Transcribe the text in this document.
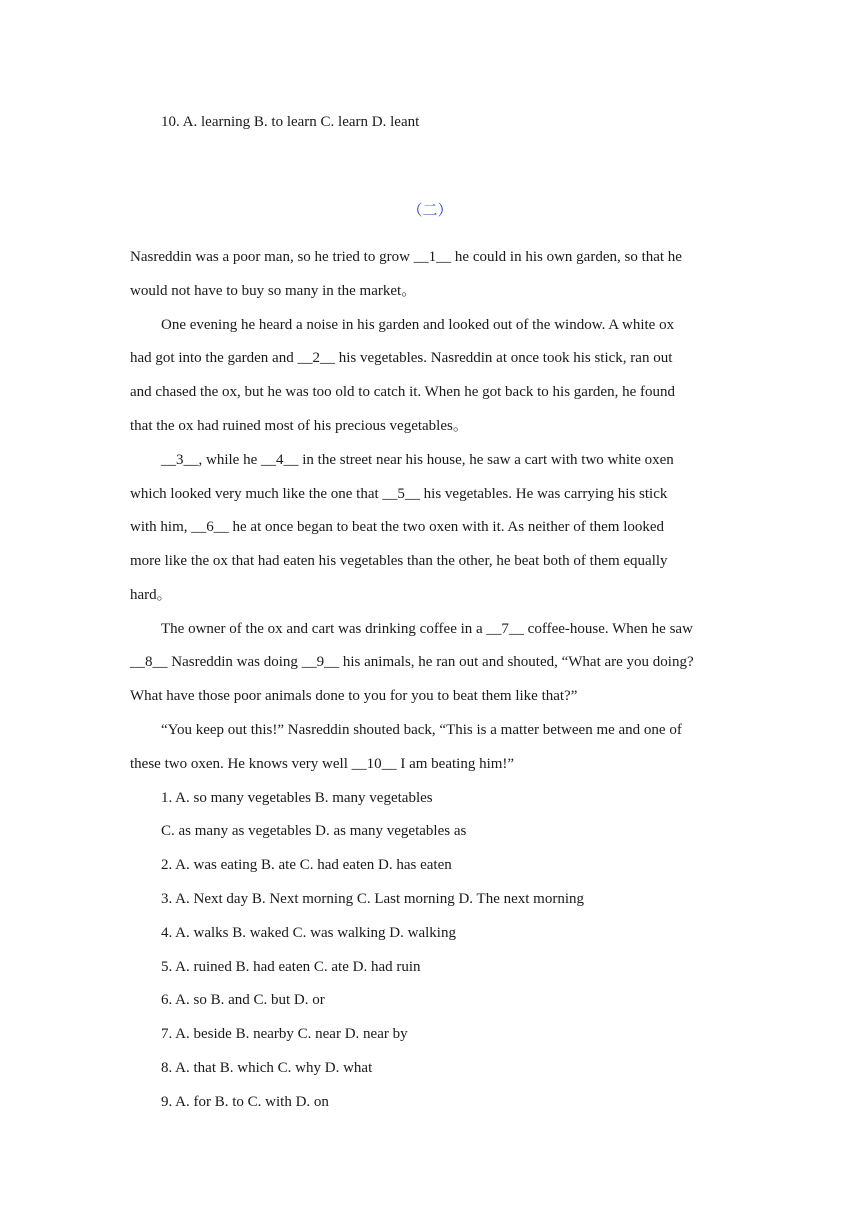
10. A. learning B. to learn C. learn D. leant
（二）
Nasreddin was a poor man, so he tried to grow __1__ he could in his own garden, so that he
would not have to buy so many in the market。
One evening he heard a noise in his garden and looked out of the window. A white ox
had got into the garden and __2__ his vegetables. Nasreddin at once took his stick, ran out
and chased the ox, but he was too old to catch it. When he got back to his garden, he found
that the ox had ruined most of his precious vegetables。
__3__, while he __4__ in the street near his house, he saw a cart with two white oxen
which looked very much like the one that __5__ his vegetables. He was carrying his stick
with him, __6__ he at once began to beat the two oxen with it. As neither of them looked
more like the ox that had eaten his vegetables than the other, he beat both of them equally
hard。
The owner of the ox and cart was drinking coffee in a __7__ coffee-house. When he saw
__8__ Nasreddin was doing __9__ his animals, he ran out and shouted, “What are you doing?
What have those poor animals done to you for you to beat them like that?”
“You keep out this!” Nasreddin shouted back, “This is a matter between me and one of
these two oxen. He knows very well __10__ I am beating him!”
1. A. so many vegetables B. many vegetables
C. as many as vegetables D. as many vegetables as
2. A. was eating B. ate C. had eaten D. has eaten
3. A. Next day B. Next morning C. Last morning D. The next morning
4. A. walks B. waked C. was walking D. walking
5. A. ruined B. had eaten C. ate D. had ruin
6. A. so B. and C. but D. or
7. A. beside B. nearby C. near D. near by
8. A. that B. which C. why D. what
9. A. for B. to C. with D. on
